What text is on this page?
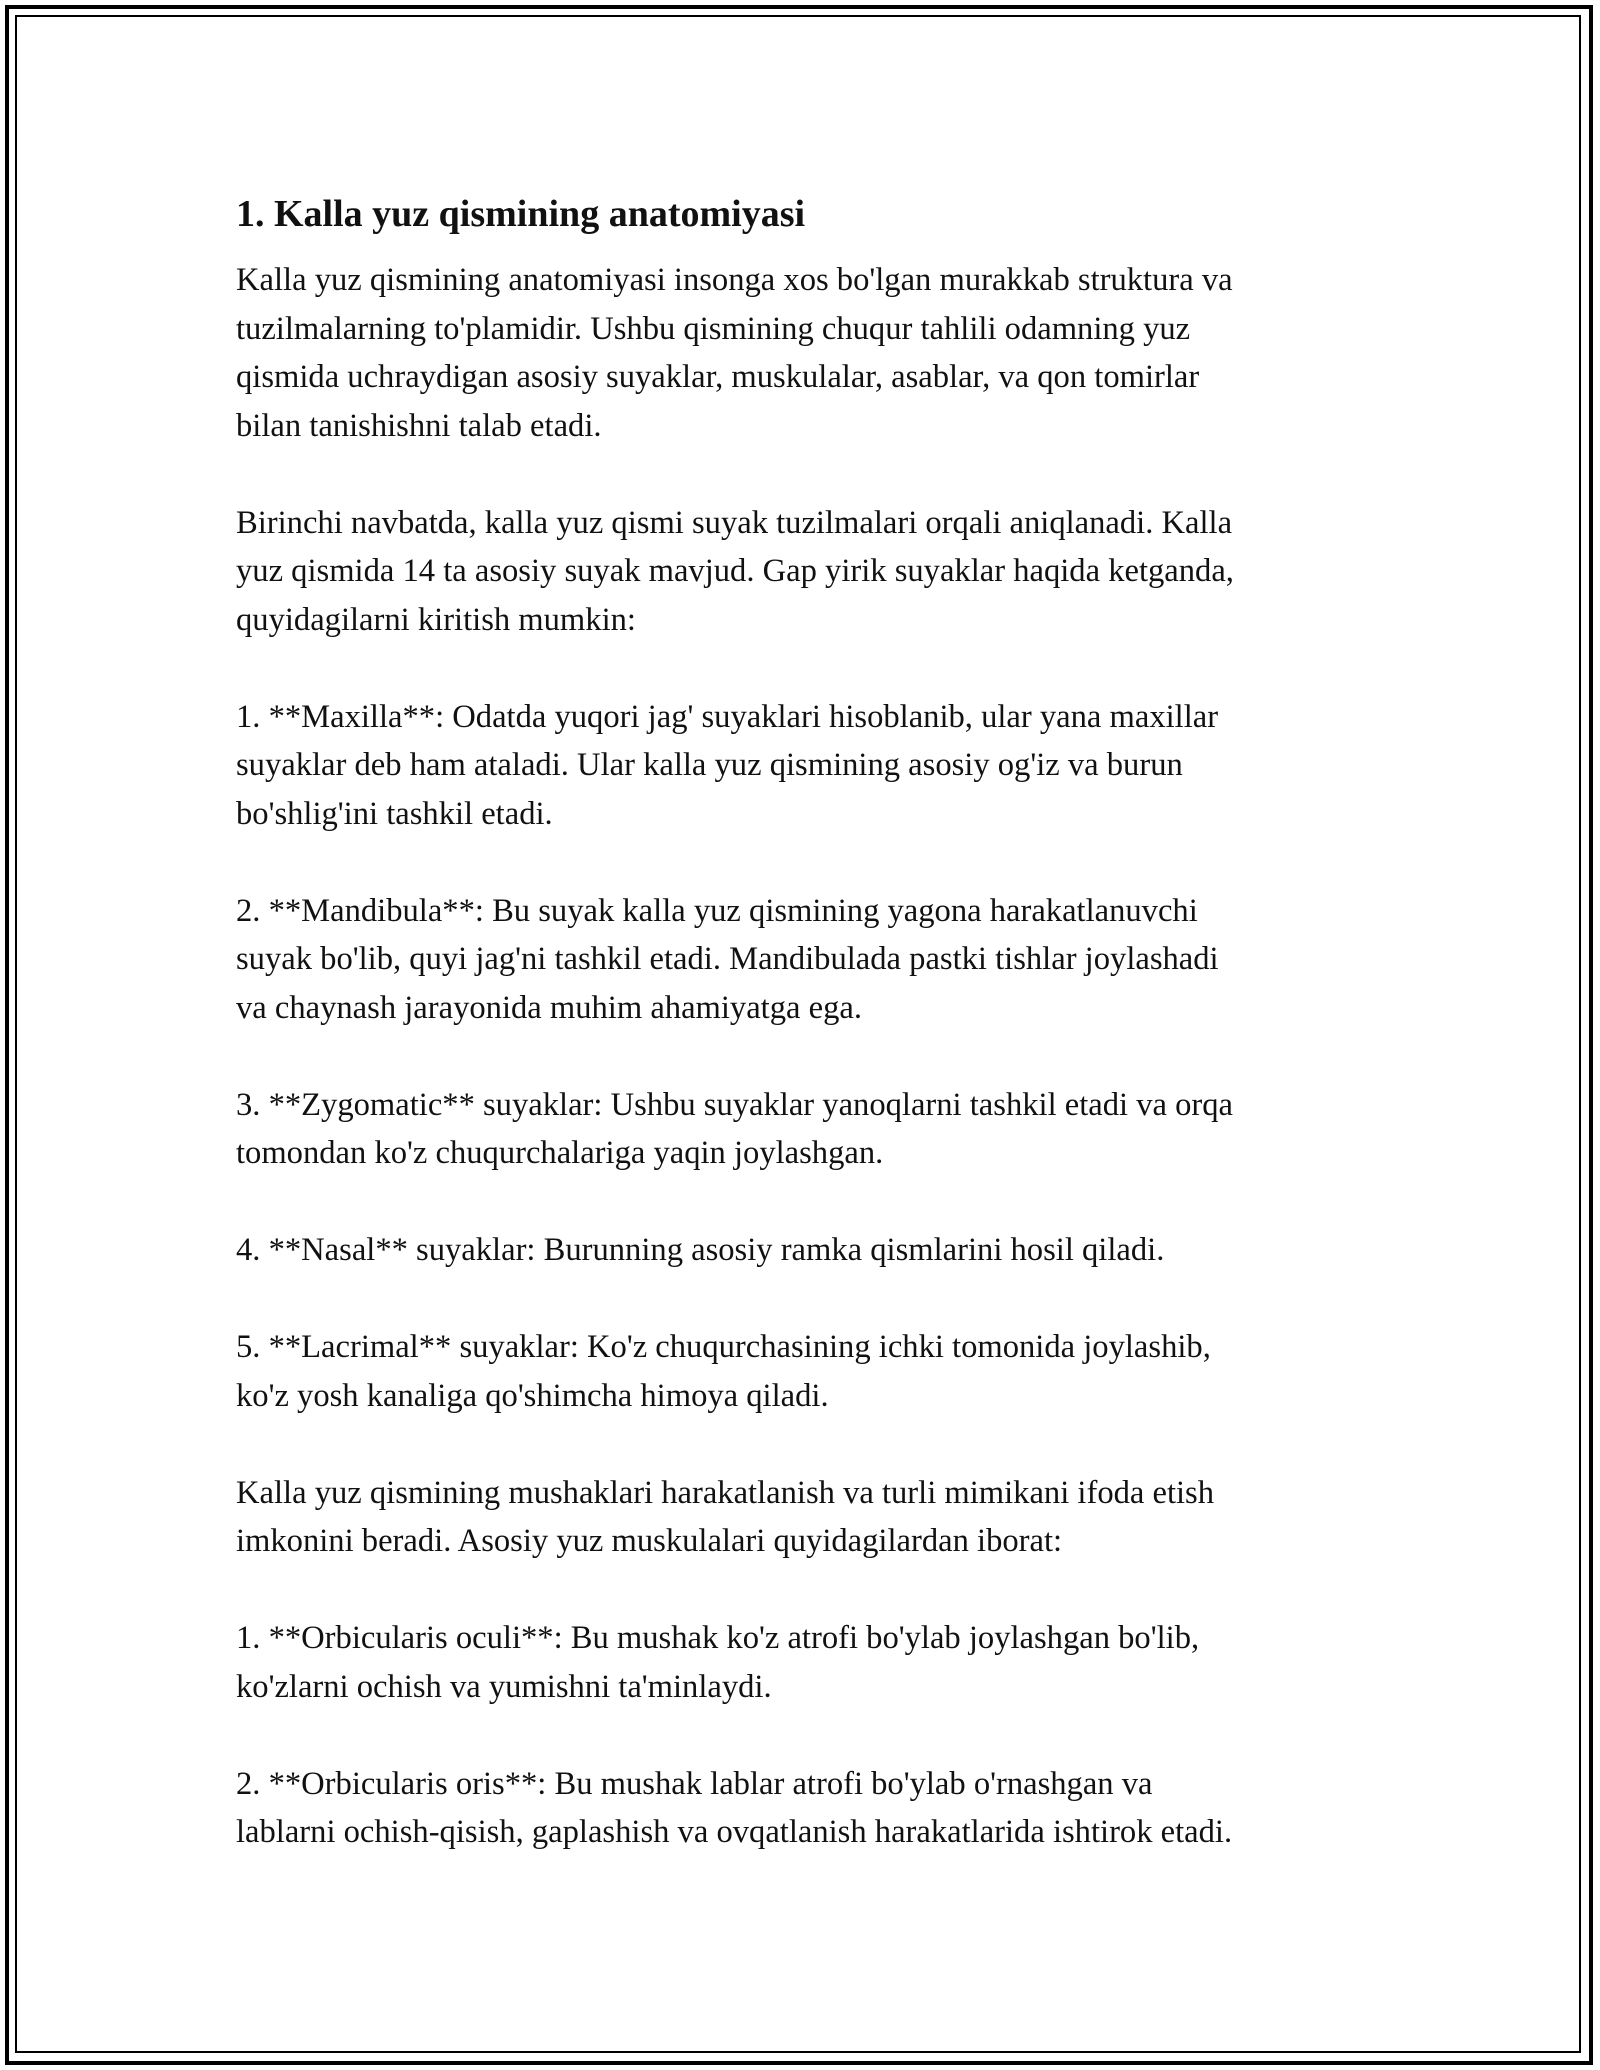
1. Kalla yuz qismining anatomiyasi
Kalla yuz qismining anatomiyasi insonga xos bo'lgan murakkab struktura va
tuzilmalarning to'plamidir. Ushbu qismining chuqur tahlili odamning yuz
qismida uchraydigan asosiy suyaklar, muskulalar, asablar, va qon tomirlar
bilan tanishishni talab etadi.
Birinchi navbatda, kalla yuz qismi suyak tuzilmalari orqali aniqlanadi. Kalla
yuz qismida 14 ta asosiy suyak mavjud. Gap yirik suyaklar haqida ketganda,
quyidagilarni kiritish mumkin:
1. **Maxilla**: Odatda yuqori jag' suyaklari hisoblanib, ular yana maxillar
suyaklar deb ham ataladi. Ular kalla yuz qismining asosiy og'iz va burun
bo'shlig'ini tashkil etadi.
2. **Mandibula**: Bu suyak kalla yuz qismining yagona harakatlanuvchi
suyak bo'lib, quyi jag'ni tashkil etadi. Mandibulada pastki tishlar joylashadi
va chaynash jarayonida muhim ahamiyatga ega.
3. **Zygomatic** suyaklar: Ushbu suyaklar yanoqlarni tashkil etadi va orqa
tomondan ko'z chuqurchalariga yaqin joylashgan.
4. **Nasal** suyaklar: Burunning asosiy ramka qismlarini hosil qiladi.
5. **Lacrimal** suyaklar: Ko'z chuqurchasining ichki tomonida joylashib,
ko'z yosh kanaliga qo'shimcha himoya qiladi.
Kalla yuz qismining mushaklari harakatlanish va turli mimikani ifoda etish
imkonini beradi. Asosiy yuz muskulalari quyidagilardan iborat:
1. **Orbicularis oculi**: Bu mushak ko'z atrofi bo'ylab joylashgan bo'lib,
ko'zlarni ochish va yumishni ta'minlaydi.
2. **Orbicularis oris**: Bu mushak lablar atrofi bo'ylab o'rnashgan va
lablarni ochish-qisish, gaplashish va ovqatlanish harakatlarida ishtirok etadi.
